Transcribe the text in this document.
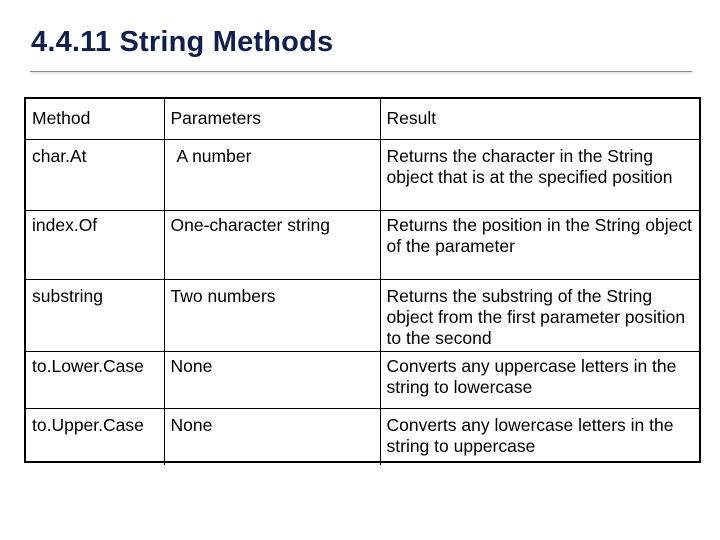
4.4.11 String Methods
Method	Parameters	Result
char.At	A number	Returns the character in the String object that is at the specified position
index.Of	One-character string	Returns the position in the String object of the parameter
substring	Two numbers	Returns the substring of the String object from the first parameter position to the second
to.Lower.Case	None	Converts any uppercase letters in the string to lowercase
to.Upper.Case	None	Converts any lowercase letters in the string to uppercase
